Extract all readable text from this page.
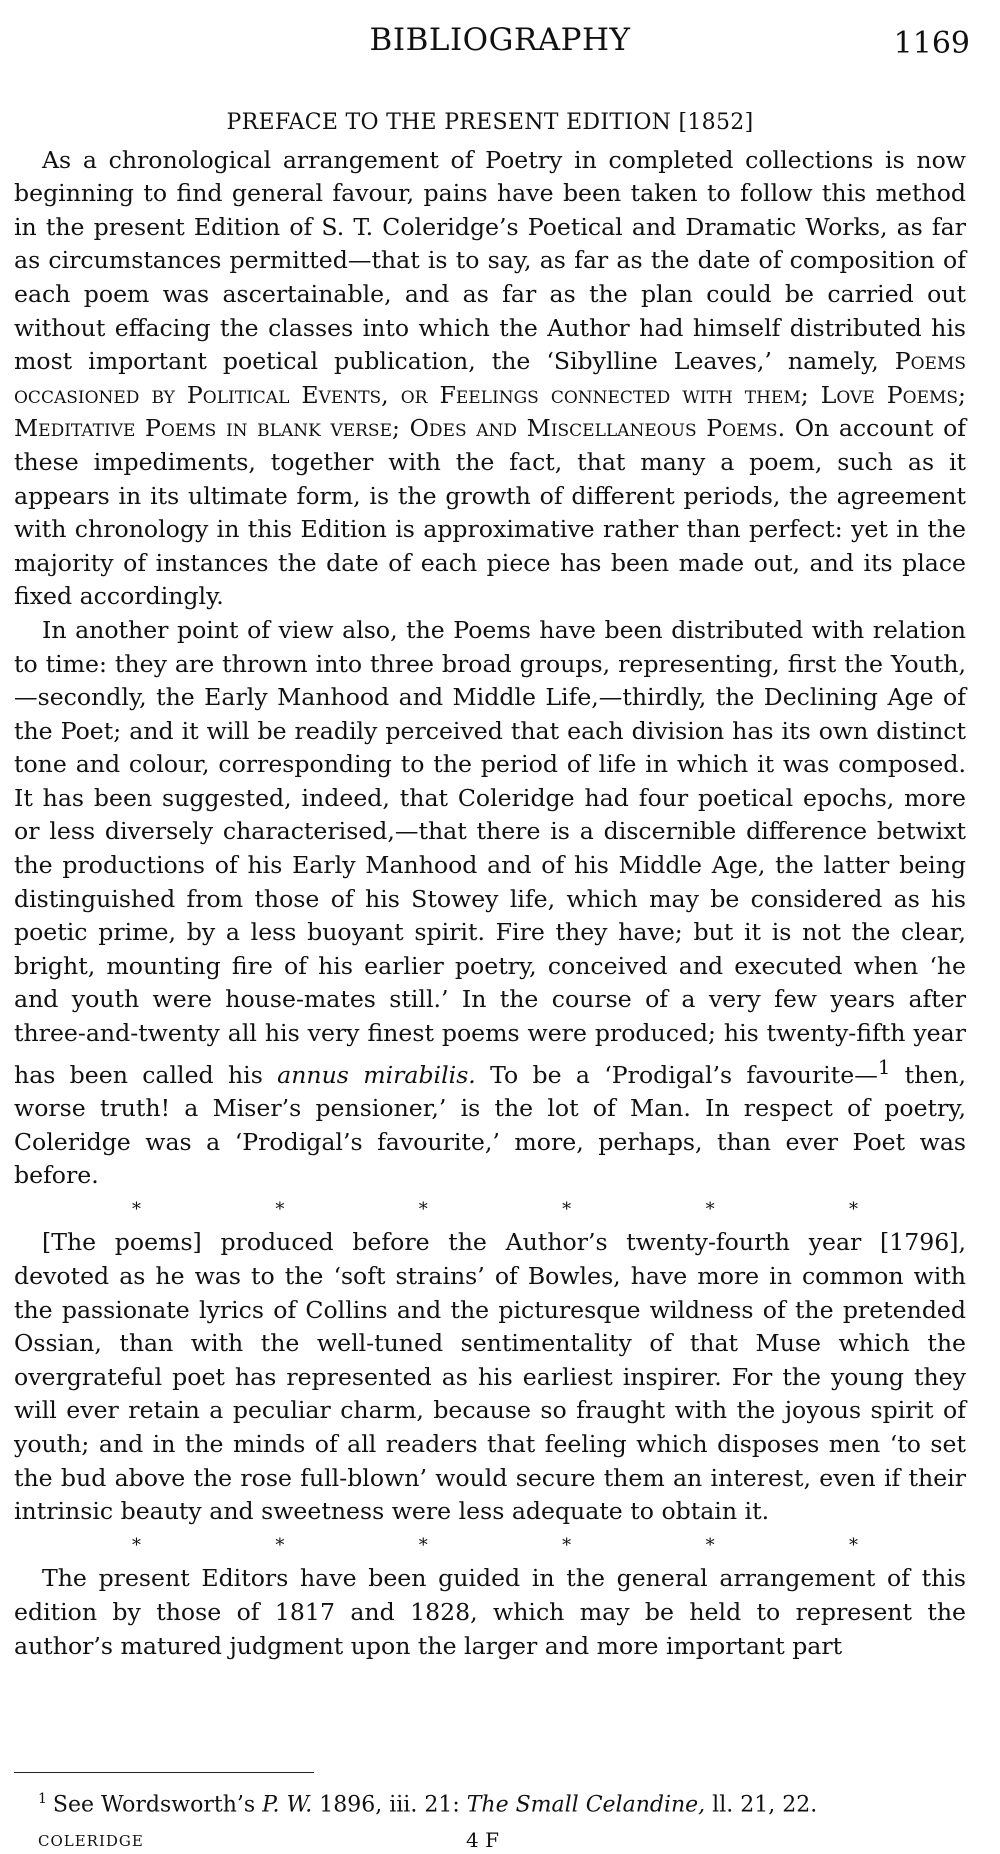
BIBLIOGRAPHY	1169
PREFACE TO THE PRESENT EDITION [1852]

As a chronological arrangement of Poetry in completed collections is now beginning to find general favour, pains have been taken to follow this method in the present Edition of S. T. Coleridge’s Poetical and Dramatic Works, as far as circumstances permitted—that is to say, as far as the date of composition of each poem was ascertainable, and as far as the plan could be carried out without effacing the classes into which the Author had himself distributed his most important poetical publication, the ‘Sibylline Leaves,’ namely, Poems occasioned by Political Events, or Feelings connected with them; Love Poems; Meditative Poems in blank verse; Odes and Miscellaneous Poems. On account of these impediments, together with the fact, that many a poem, such as it appears in its ultimate form, is the growth of different periods, the agreement with chronology in this Edition is approximative rather than perfect: yet in the majority of instances the date of each piece has been made out, and its place fixed accordingly.

In another point of view also, the Poems have been distributed with relation to time: they are thrown into three broad groups, representing, first the Youth,—secondly, the Early Manhood and Middle Life,—thirdly, the Declining Age of the Poet; and it will be readily perceived that each division has its own distinct tone and colour, corresponding to the period of life in which it was composed. It has been suggested, indeed, that Coleridge had four poetical epochs, more or less diversely characterised,—that there is a discernible difference betwixt the productions of his Early Manhood and of his Middle Age, the latter being distinguished from those of his Stowey life, which may be considered as his poetic prime, by a less buoyant spirit. Fire they have; but it is not the clear, bright, mounting fire of his earlier poetry, conceived and executed when ‘he and youth were house-mates still.’ In the course of a very few years after three-and-twenty all his very finest poems were produced; his twenty-fifth year has been called his annus mirabilis. To be a ‘Prodigal’s favourite—$^1$ then, worse truth! a Miser’s pensioner,’ is the lot of Man. In respect of poetry, Coleridge was a ‘Prodigal’s favourite,’ more, perhaps, than ever Poet was before.

*	*	*	*	*	*

[The poems] produced before the Author’s twenty-fourth year [1796], devoted as he was to the ‘soft strains’ of Bowles, have more in common with the passionate lyrics of Collins and the picturesque wildness of the pretended Ossian, than with the well-tuned sentimentality of that Muse which the overgrateful poet has represented as his earliest inspirer. For the young they will ever retain a peculiar charm, because so fraught with the joyous spirit of youth; and in the minds of all readers that feeling which disposes men ‘to set the bud above the rose full-blown’ would secure them an interest, even if their intrinsic beauty and sweetness were less adequate to obtain it.

*	*	*	*	*	*

The present Editors have been guided in the general arrangement of this edition by those of 1817 and 1828, which may be held to represent the author’s matured judgment upon the larger and more important part

$^1$ See Wordsworth’s P. W. 1896, iii. 21: The Small Celandine, ll. 21, 22.
COLERIDGE	4 F
